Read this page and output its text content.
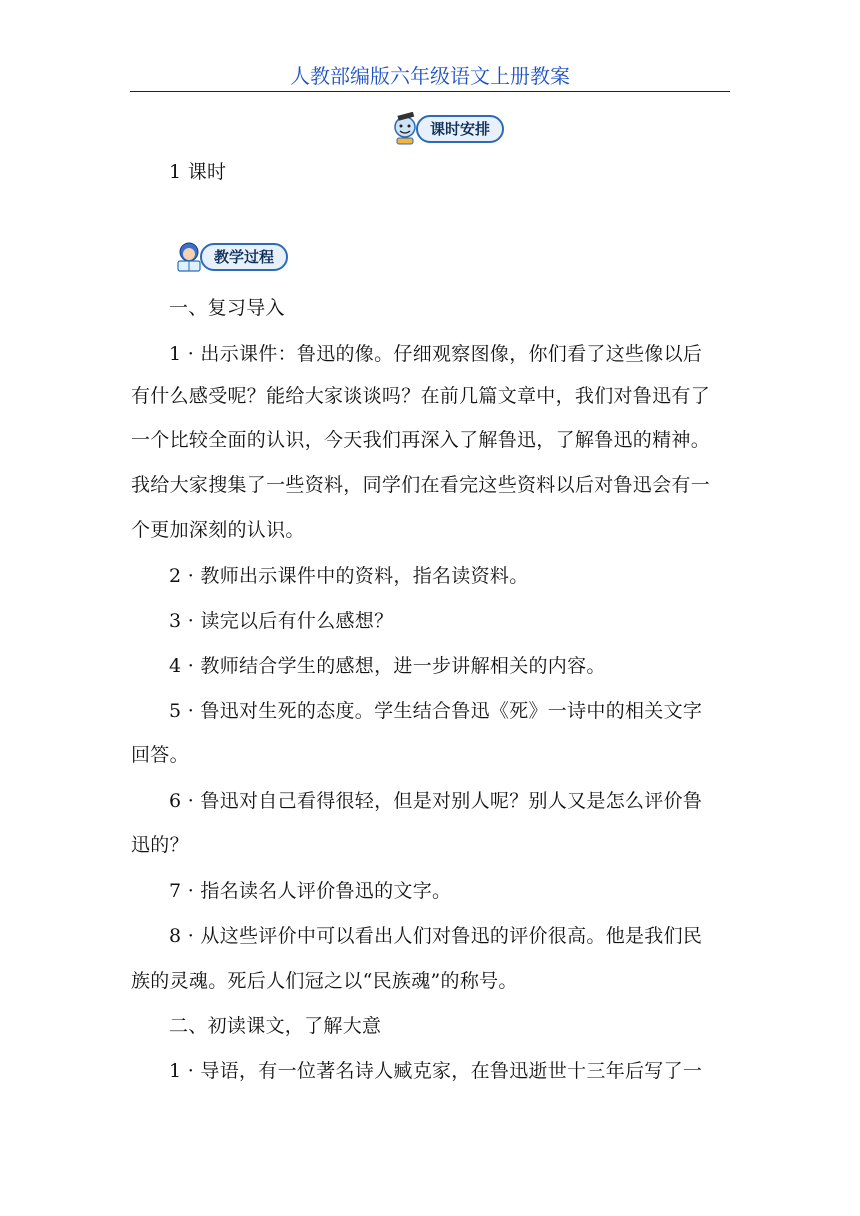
人教部编版六年级语文上册教案
课时安排
1 课时
教学过程
一、复习导入
1 · 出示课件：鲁迅的像。仔细观察图像，你们看了这些像以后
有什么感受呢？能给大家谈谈吗？在前几篇文章中，我们对鲁迅有了
一个比较全面的认识，今天我们再深入了解鲁迅，了解鲁迅的精神。
我给大家搜集了一些资料，同学们在看完这些资料以后对鲁迅会有一
个更加深刻的认识。
2 · 教师出示课件中的资料，指名读资料。
3 · 读完以后有什么感想？
4 · 教师结合学生的感想，进一步讲解相关的内容。
5 · 鲁迅对生死的态度。学生结合鲁迅《死》一诗中的相关文字
回答。
6 · 鲁迅对自己看得很轻，但是对别人呢？别人又是怎么评价鲁
迅的？
7 · 指名读名人评价鲁迅的文字。
8 · 从这些评价中可以看出人们对鲁迅的评价很高。他是我们民
族的灵魂。死后人们冠之以“民族魂”的称号。
二、初读课文，了解大意
1 · 导语，有一位著名诗人臧克家，在鲁迅逝世十三年后写了一
